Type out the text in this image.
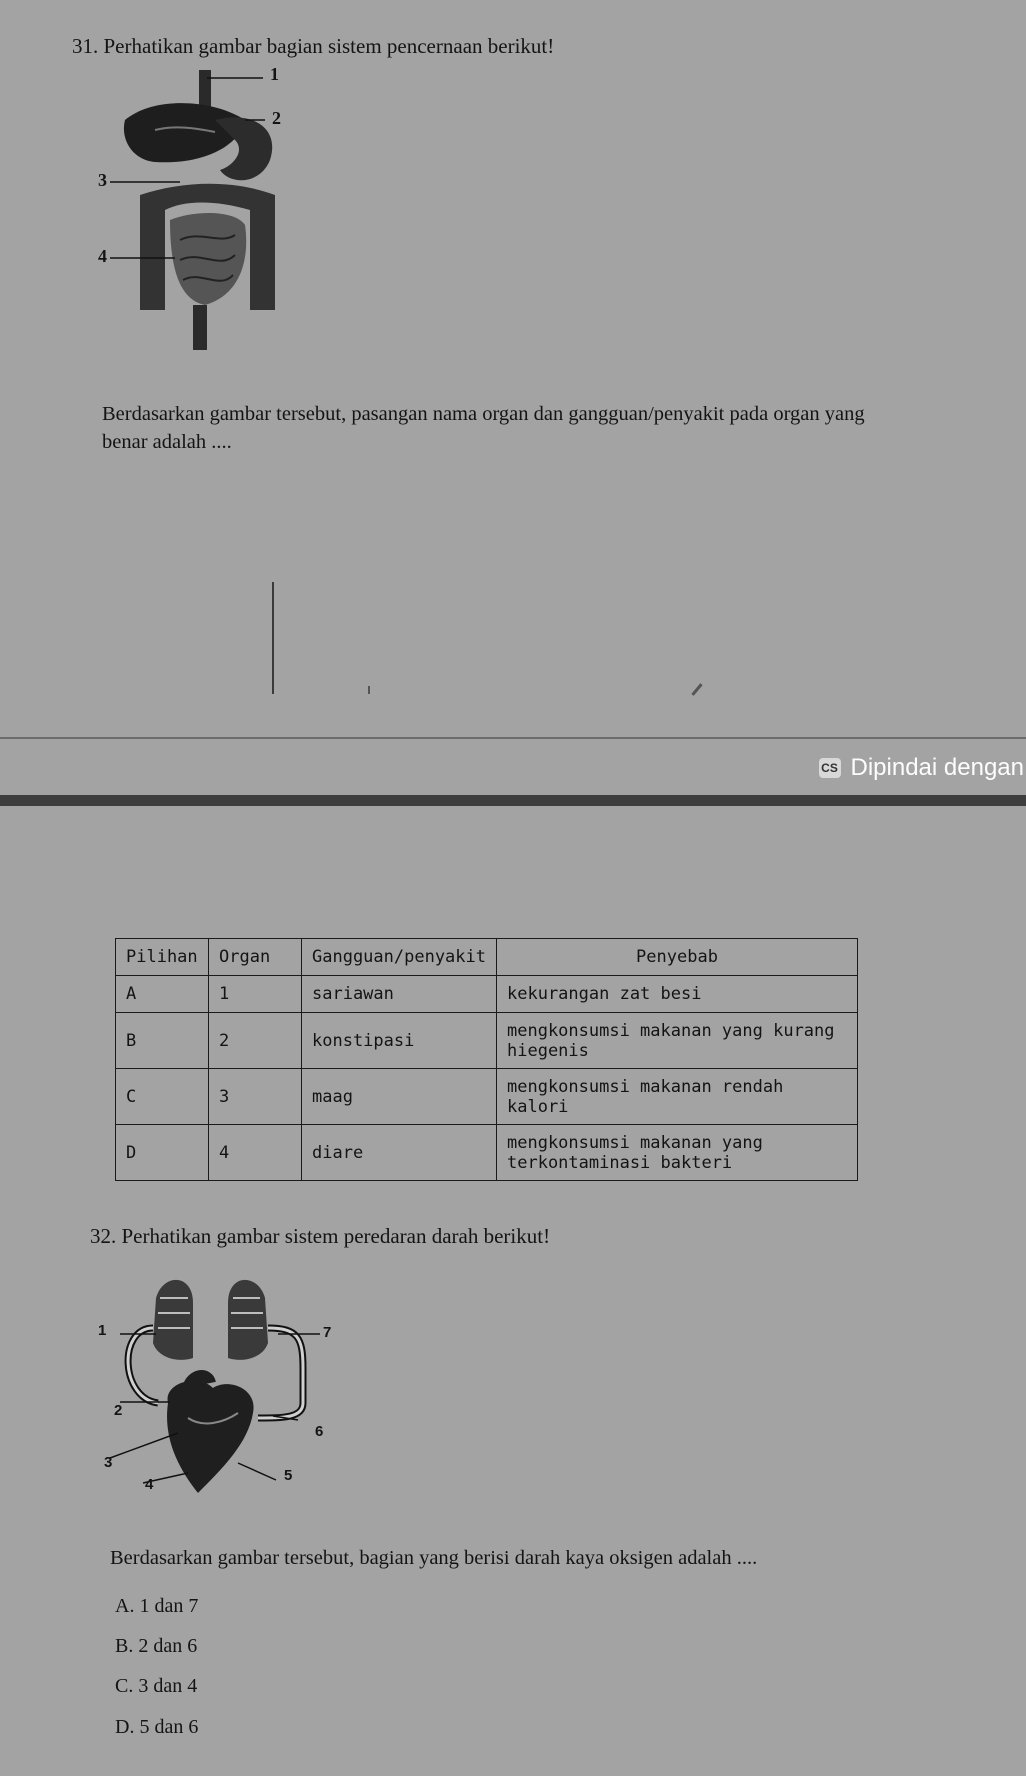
31. Perhatikan gambar bagian sistem pencernaan berikut!
1
2
3
4
Berdasarkan gambar tersebut, pasangan nama organ dan gangguan/penyakit pada organ yang
benar adalah ....
CS Dipindai dengan
Pilihan	Organ	Gangguan/penyakit	Penyebab
A	1	sariawan	kekurangan zat besi
B	2	konstipasi	mengkonsumsi makanan yang kurang hiegenis
C	3	maag	mengkonsumsi makanan rendah kalori
D	4	diare	mengkonsumsi makanan yang terkontaminasi bakteri
32. Perhatikan gambar sistem peredaran darah berikut!
1
2
3
4
5
6
7
Berdasarkan gambar tersebut, bagian yang berisi darah kaya oksigen adalah ....
A. 1 dan 7
B. 2 dan 6
C. 3 dan 4
D. 5 dan 6
